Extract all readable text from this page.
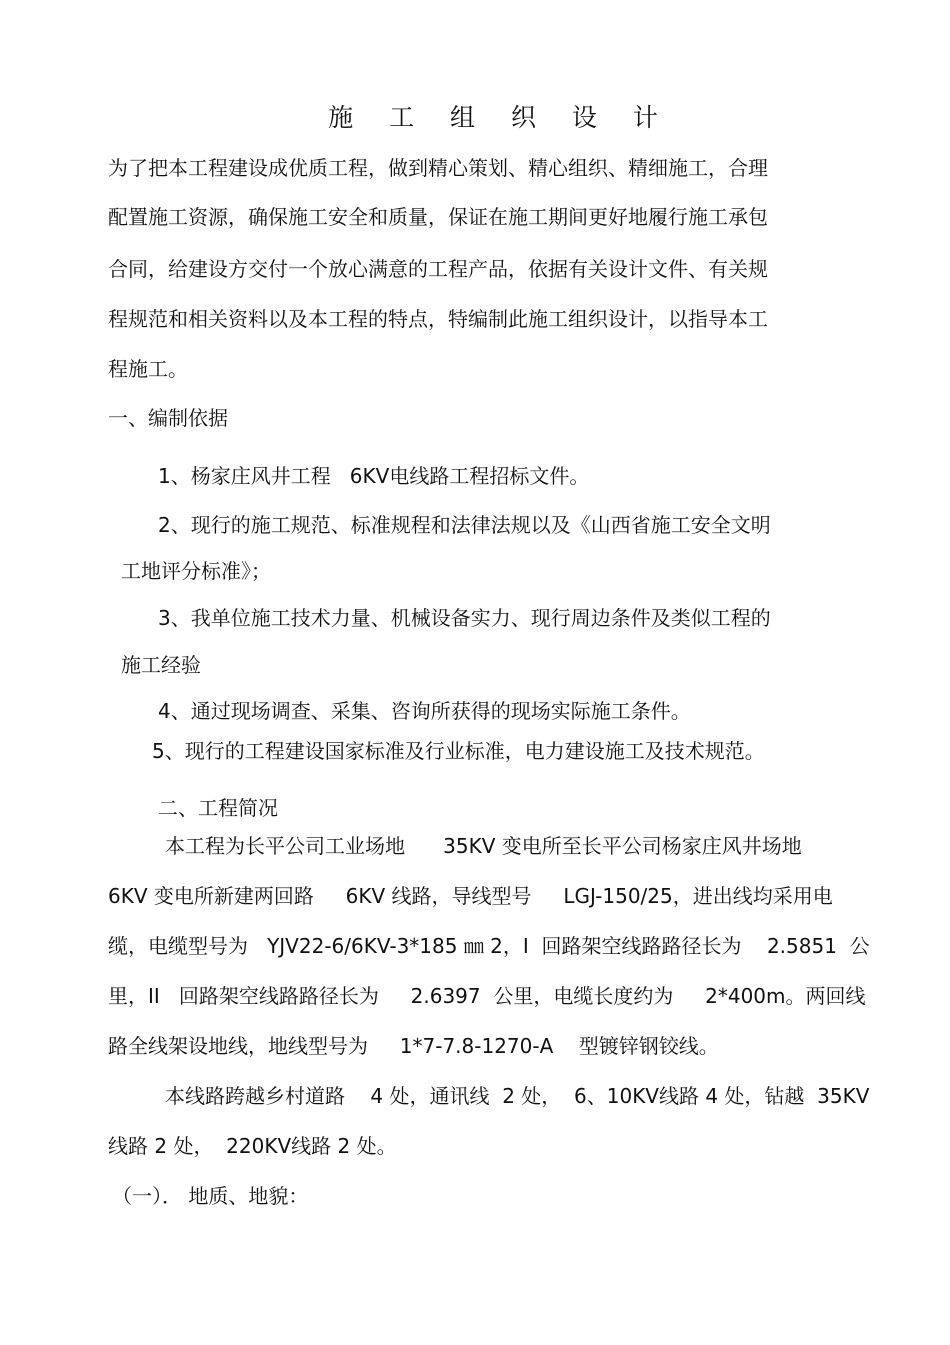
施 工 组 织 设 计
为了把本工程建设成优质工程，做到精心策划、精心组织、精细施工，合理
配置施工资源，确保施工安全和质量，保证在施工期间更好地履行施工承包
合同，给建设方交付一个放心满意的工程产品，依据有关设计文件、有关规
程规范和相关资料以及本工程的特点，特编制此施工组织设计，以指导本工
程施工。
一、编制依据
1、杨家庄风井工程   6KV电线路工程招标文件。
2、现行的施工规范、标准规程和法律法规以及《山西省施工安全文明
工地评分标准》；
3、我单位施工技术力量、机械设备实力、现行周边条件及类似工程的
施工经验
4、通过现场调查、采集、咨询所获得的现场实际施工条件。
5、现行的工程建设国家标准及行业标准，电力建设施工及技术规范。
二、工程简况
本工程为长平公司工业场地      35KV 变电所至长平公司杨家庄风井场地
6KV 变电所新建两回路     6KV 线路，导线型号     LGJ-150/25，进出线均采用电
缆，电缆型号为   YJV22-6/6KV-3*185 ㎜ 2，I  回路架空线路路径长为    2.5851  公
里，II   回路架空线路路径长为     2.6397  公里，电缆长度约为     2*400m。两回线
路全线架设地线，地线型号为     1*7-7.8-1270-A    型镀锌钢铰线。
本线路跨越乡村道路    4 处，通讯线  2 处，  6、10KV线路 4 处，钻越  35KV
线路 2 处，  220KV线路 2 处。
（一）． 地质、地貌：
